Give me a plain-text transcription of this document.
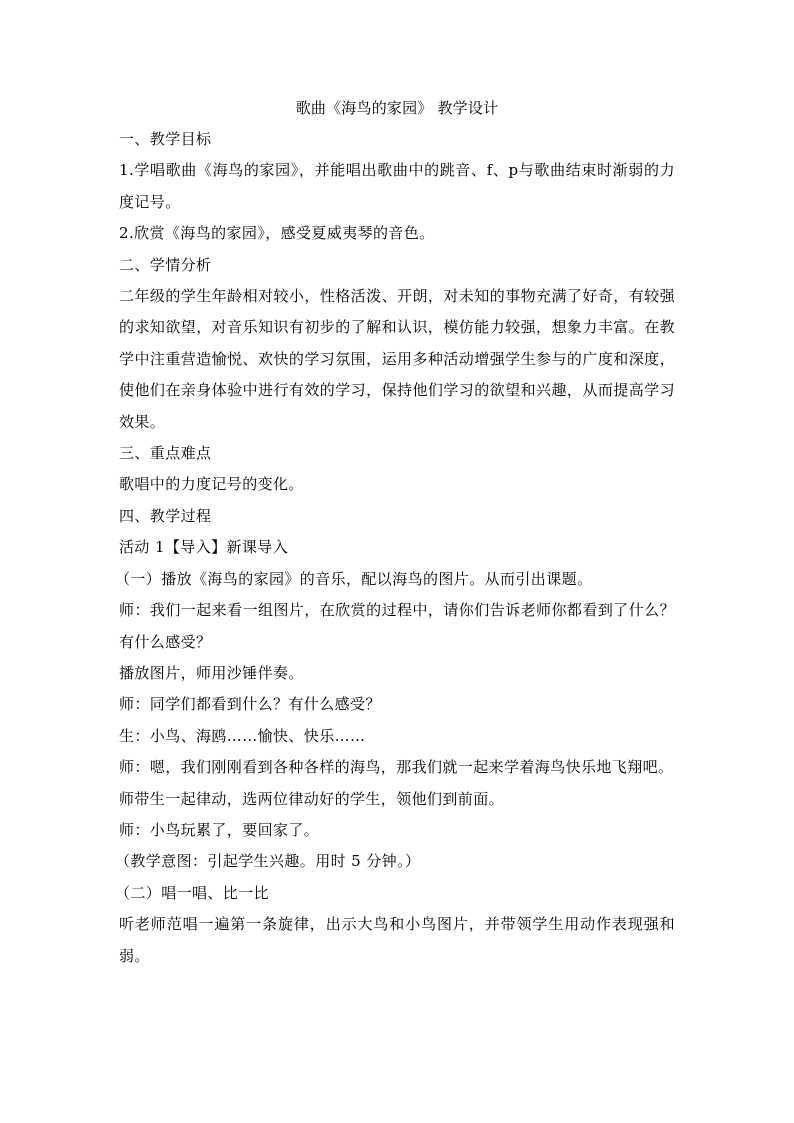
歌曲《海鸟的家园》 教学设计

一、教学目标

1.学唱歌曲《海鸟的家园》，并能唱出歌曲中的跳音、f、p与歌曲结束时渐弱的力度记号。

2.欣赏《海鸟的家园》，感受夏威夷琴的音色。

二、学情分析

二年级的学生年龄相对较小，性格活泼、开朗，对未知的事物充满了好奇，有较强的求知欲望，对音乐知识有初步的了解和认识，模仿能力较强，想象力丰富。在教学中注重营造愉悦、欢快的学习氛围，运用多种活动增强学生参与的广度和深度，使他们在亲身体验中进行有效的学习，保持他们学习的欲望和兴趣，从而提高学习效果。

三、重点难点

歌唱中的力度记号的变化。

四、教学过程

活动 1【导入】新课导入

（一）播放《海鸟的家园》的音乐，配以海鸟的图片。从而引出课题。

师：我们一起来看一组图片，在欣赏的过程中，请你们告诉老师你都看到了什么？有什么感受？

播放图片，师用沙锤伴奏。

师：同学们都看到什么？有什么感受？

生：小鸟、海鸥……愉快、快乐……

师：嗯，我们刚刚看到各种各样的海鸟，那我们就一起来学着海鸟快乐地飞翔吧。

师带生一起律动，选两位律动好的学生，领他们到前面。

师：小鸟玩累了，要回家了。

（教学意图：引起学生兴趣。用时 5 分钟。）

（二）唱一唱、比一比

听老师范唱一遍第一条旋律，出示大鸟和小鸟图片，并带领学生用动作表现强和弱。
